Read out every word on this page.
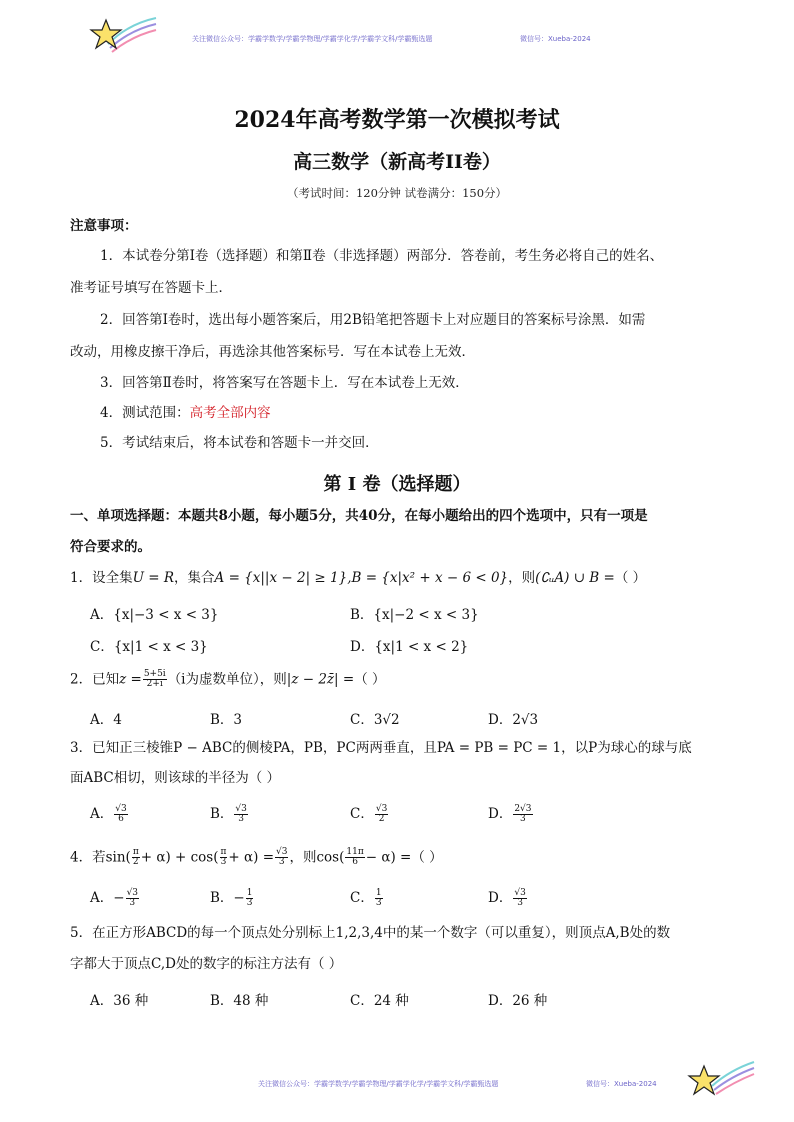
关注微信公众号：学霸学数学/学霸学物理/学霸学化学/学霸学文科/学霸甄选题	微信号：Xueba-2024
2024年高考数学第一次模拟考试
高三数学（新高考II卷）
（考试时间：120分钟 试卷满分：150分）
注意事项：
1．本试卷分第Ⅰ卷（选择题）和第Ⅱ卷（非选择题）两部分．答卷前，考生务必将自己的姓名、
准考证号填写在答题卡上．
2．回答第Ⅰ卷时，选出每小题答案后，用2B铅笔把答题卡上对应题目的答案标号涂黑．如需
改动，用橡皮擦干净后，再选涂其他答案标号．写在本试卷上无效．
3．回答第Ⅱ卷时，将答案写在答题卡上．写在本试卷上无效．
4．测试范围：高考全部内容
5．考试结束后，将本试卷和答题卡一并交回．
第 I 卷（选择题）
一、单项选择题：本题共8小题，每小题5分，共40分，在每小题给出的四个选项中，只有一项是
符合要求的。
1．设全集U = R，集合A = {x||x − 2| ≥ 1},B = {x|x² + x − 6 < 0}，则(∁ᵤA) ∪ B =（ ）
A．{x|−3 < x < 3}	B．{x|−2 < x < 3}
C．{x|1 < x < 3}	D．{x|1 < x < 2}
2．已知$z = \frac{5+5i}{2+i} (i$为虚数单位），则|z − 2z̄| =（ ）
A．4	B．3	C．3√2	D．2√3
3．已知正三棱锥P − ABC的侧棱PA，PB，PC两两垂直，且PA = PB = PC = 1，以P为球心的球与底
面ABC相切，则该球的半径为（ ）
A． $\frac{√3}{6}$	B． $\frac{√3}{3}$	C． $\frac{√3}{2}$	D． $\frac{2√3}{3}$
4．若$\sin( \frac{\pi}{2} + \alpha) + \cos( \frac{\pi}{3} + \alpha) = \frac{√3}{3}$ ，则$\cos( \frac{11\pi}{6} - \alpha)$ =（ ）
A．− $\frac{√3}{3}$	B．− $\frac{1}{3}$	C． $\frac{1}{3}$	D． $\frac{√3}{3}$
5．在正方形ABCD的每一个顶点处分别标上1,2,3,4中的某一个数字（可以重复），则顶点A,B处的数
字都大于顶点C,D处的数字的标注方法有（ ）
A．36 种	B．48 种	C．24 种	D．26 种
关注微信公众号：学霸学数学/学霸学物理/学霸学化学/学霸学文科/学霸甄选题	微信号：Xueba-2024
